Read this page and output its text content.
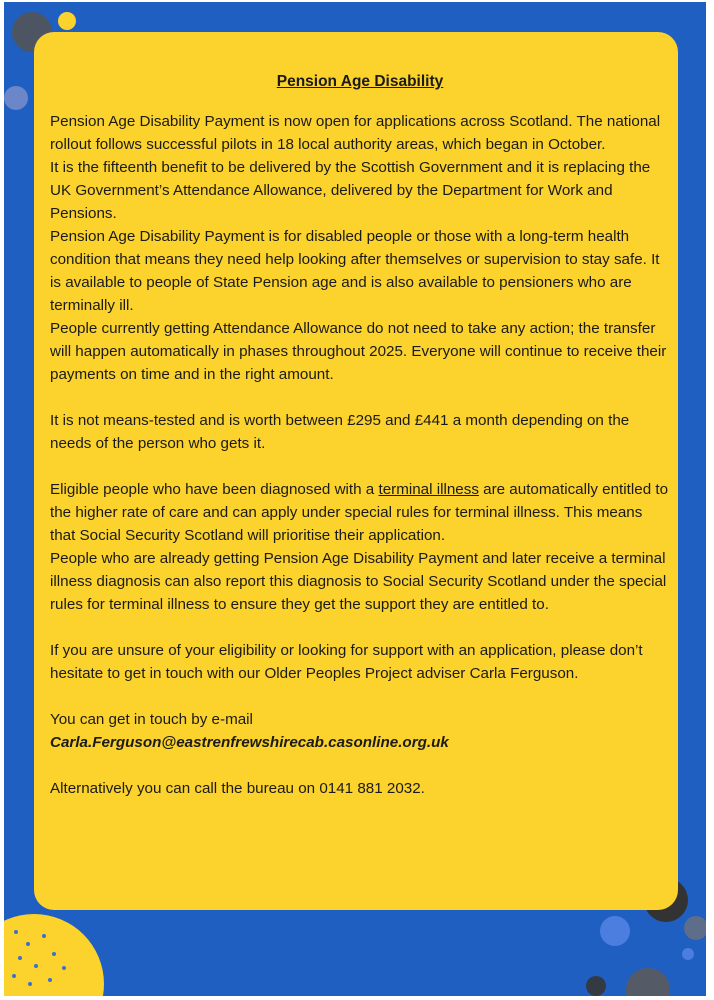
Pension Age Disability

Pension Age Disability Payment is now open for applications across Scotland. The national rollout follows successful pilots in 18 local authority areas, which began in October.

It is the fifteenth benefit to be delivered by the Scottish Government and it is replacing the UK Government’s Attendance Allowance, delivered by the Department for Work and Pensions.

Pension Age Disability Payment is for disabled people or those with a long-term health condition that means they need help looking after themselves or supervision to stay safe. It is available to people of State Pension age and is also available to pensioners who are terminally ill.

People currently getting Attendance Allowance do not need to take any action; the transfer will happen automatically in phases throughout 2025. Everyone will continue to receive their payments on time and in the right amount.

It is not means-tested and is worth between £295 and £441 a month depending on the needs of the person who gets it.

Eligible people who have been diagnosed with a terminal illness are automatically entitled to the higher rate of care and can apply under special rules for terminal illness. This means that Social Security Scotland will prioritise their application.

People who are already getting Pension Age Disability Payment and later receive a terminal illness diagnosis can also report this diagnosis to Social Security Scotland under the special rules for terminal illness to ensure they get the support they are entitled to.

If you are unsure of your eligibility or looking for support with an application, please don’t hesitate to get in touch with our Older Peoples Project adviser Carla Ferguson.

You can get in touch by e-mail

Carla.Ferguson@eastrenfrewshirecab.casonline.org.uk

Alternatively you can call the bureau on 0141 881 2032.
